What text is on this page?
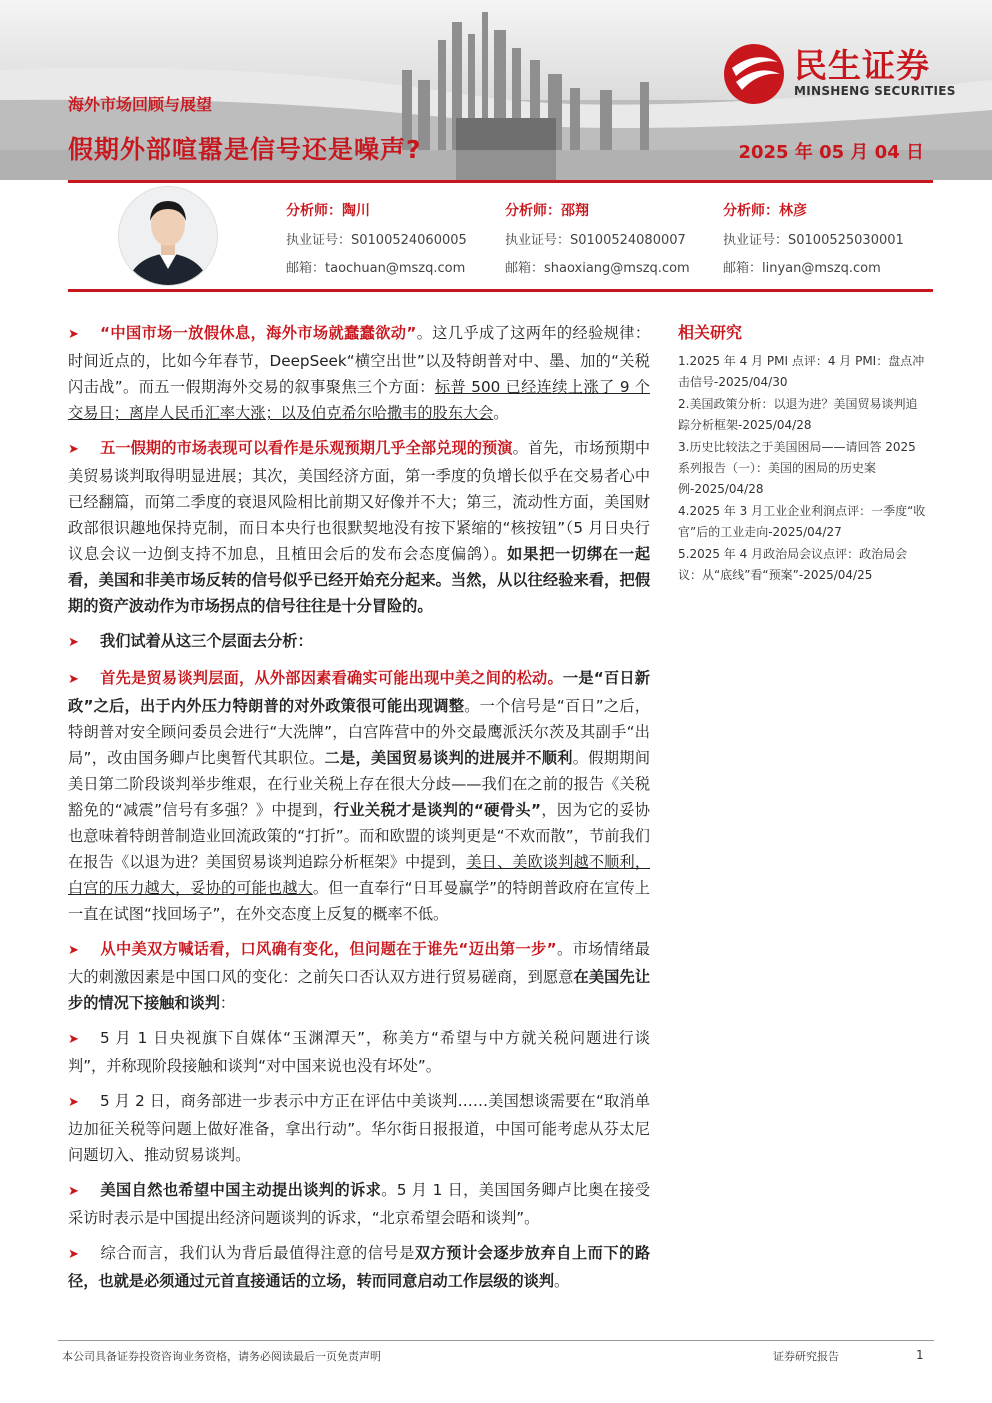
海外市场回顾与展望
假期外部喧嚣是信号还是噪声?	2025 年 05 月 04 日
民生证券
MINSHENG SECURITIES
分析师：陶川
执业证号：S0100524060005
邮箱：taochuan@mszq.com
分析师：邵翔
执业证号：S0100524080007
邮箱：shaoxiang@mszq.com
分析师：林彦
执业证号：S0100525030001
邮箱：linyan@mszq.com
➤ “中国市场一放假休息，海外市场就蠢蠢欲动”。这几乎成了这两年的经验规律：时间近点的，比如今年春节，DeepSeek“横空出世”以及特朗普对中、墨、加的“关税闪击战”。而五一假期海外交易的叙事聚焦三个方面：标普 500 已经连续上涨了 9 个交易日；离岸人民币汇率大涨；以及伯克希尔哈撒韦的股东大会。
➤ 五一假期的市场表现可以看作是乐观预期几乎全部兑现的预演。首先，市场预期中美贸易谈判取得明显进展；其次，美国经济方面，第一季度的负增长似乎在交易者心中已经翻篇，而第二季度的衰退风险相比前期又好像并不大；第三，流动性方面，美国财政部很识趣地保持克制，而日本央行也很默契地没有按下紧缩的“核按钮”（5 月日央行议息会议一边倒支持不加息，且植田会后的发布会态度偏鸽）。如果把一切绑在一起看，美国和非美市场反转的信号似乎已经开始充分起来。当然，从以往经验来看，把假期的资产波动作为市场拐点的信号往往是十分冒险的。
➤ 我们试着从这三个层面去分析：
➤ 首先是贸易谈判层面，从外部因素看确实可能出现中美之间的松动。一是“百日新政”之后，出于内外压力特朗普的对外政策很可能出现调整。一个信号是“百日”之后，特朗普对安全顾问委员会进行“大洗牌”，白宫阵营中的外交最鹰派沃尔茨及其副手“出局”，改由国务卿卢比奥暂代其职位。二是，美国贸易谈判的进展并不顺利。假期期间美日第二阶段谈判举步维艰，在行业关税上存在很大分歧——我们在之前的报告《关税豁免的“减震”信号有多强？》中提到，行业关税才是谈判的“硬骨头”，因为它的妥协也意味着特朗普制造业回流政策的“打折”。而和欧盟的谈判更是“不欢而散”，节前我们在报告《以退为进？美国贸易谈判追踪分析框架》中提到，美日、美欧谈判越不顺利，白宫的压力越大，妥协的可能也越大。但一直奉行“日耳曼赢学”的特朗普政府在宣传上一直在试图“找回场子”，在外交态度上反复的概率不低。
➤ 从中美双方喊话看，口风确有变化，但问题在于谁先“迈出第一步”。市场情绪最大的刺激因素是中国口风的变化：之前矢口否认双方进行贸易磋商，到愿意在美国先让步的情况下接触和谈判：
➤ 5 月 1 日央视旗下自媒体“玉渊潭天”，称美方“希望与中方就关税问题进行谈判”，并称现阶段接触和谈判“对中国来说也没有坏处”。
➤ 5 月 2 日，商务部进一步表示中方正在评估中美谈判……美国想谈需要在“取消单边加征关税等问题上做好准备，拿出行动”。华尔街日报报道，中国可能考虑从芬太尼问题切入、推动贸易谈判。
➤ 美国自然也希望中国主动提出谈判的诉求。5 月 1 日，美国国务卿卢比奥在接受采访时表示是中国提出经济问题谈判的诉求，“北京希望会晤和谈判”。
➤ 综合而言，我们认为背后最值得注意的信号是双方预计会逐步放弃自上而下的路径，也就是必须通过元首直接通话的立场，转而同意启动工作层级的谈判。
相关研究
1.2025 年 4 月 PMI 点评：4 月 PMI：盘点冲击信号-2025/04/30
2.美国政策分析：以退为进？美国贸易谈判追踪分析框架-2025/04/28
3.历史比较法之于美国困局——请回答 2025 系列报告（一）：美国的困局的历史案例-2025/04/28
4.2025 年 3 月工业企业利润点评：一季度“收官”后的工业走向-2025/04/27
5.2025 年 4 月政治局会议点评：政治局会议：从“底线”看“预案”-2025/04/25
本公司具备证券投资咨询业务资格，请务必阅读最后一页免责声明	证券研究报告	1
